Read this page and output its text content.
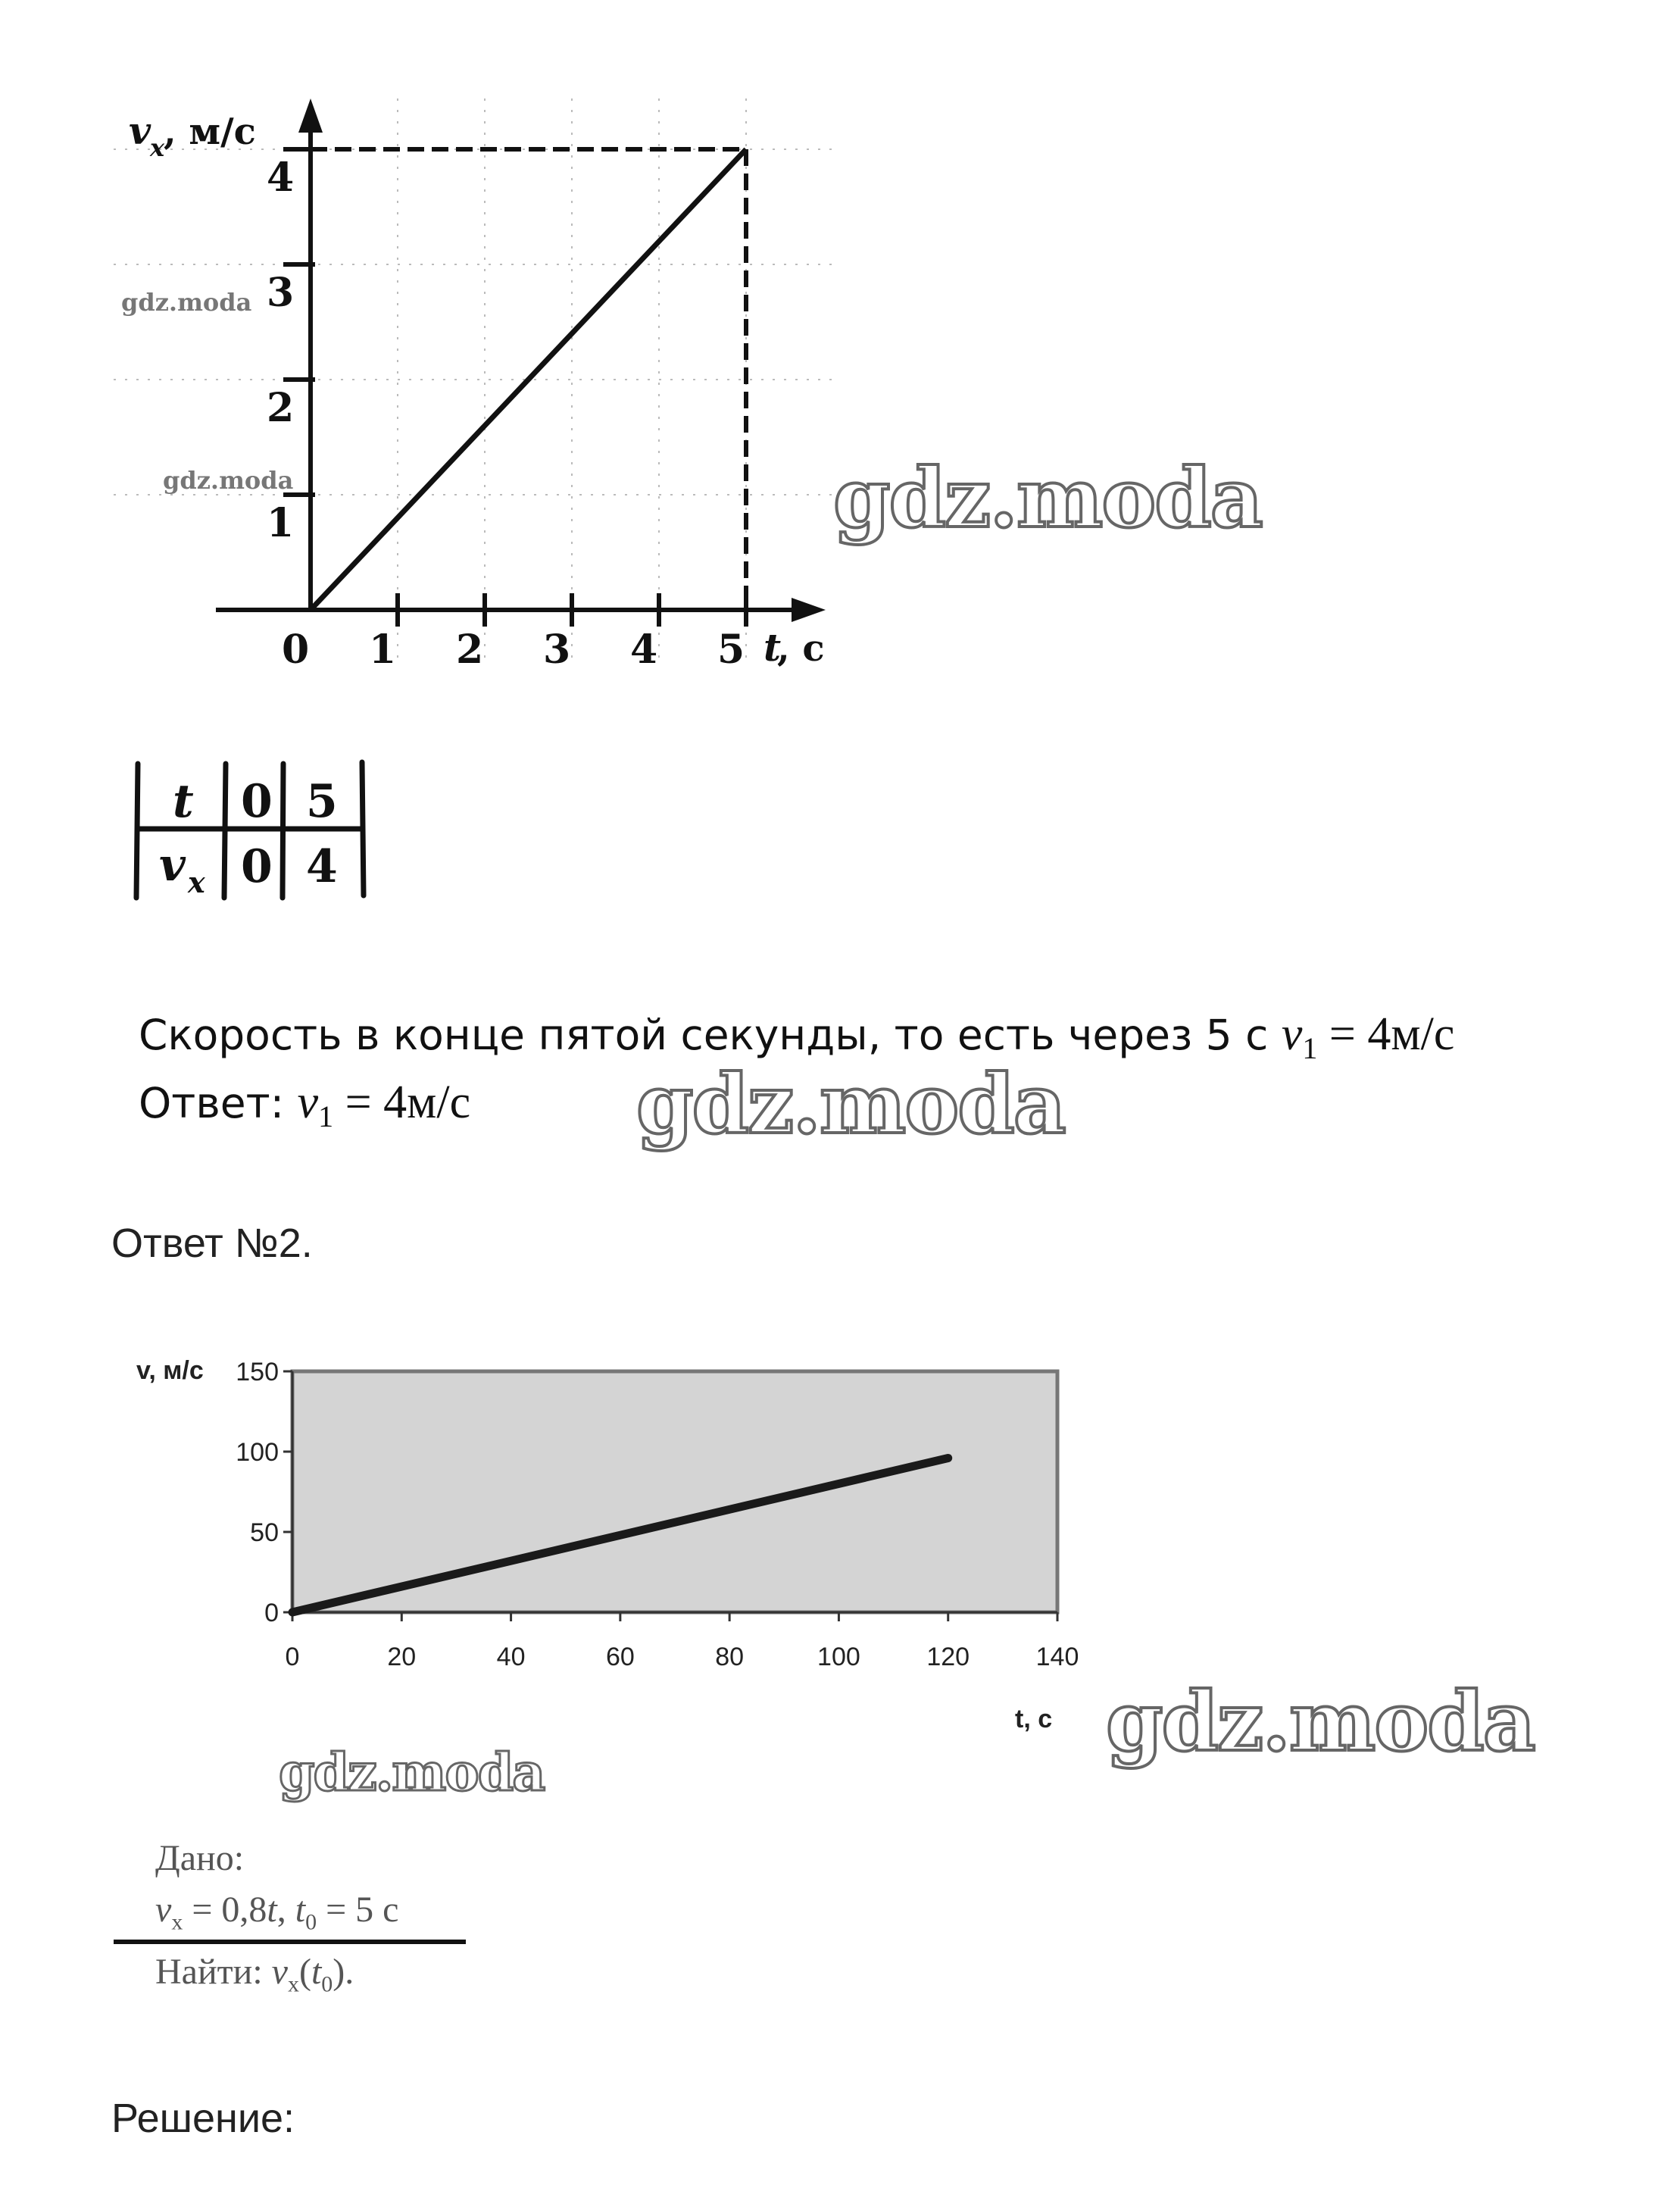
0 1 2 3 4 5
1
2
3
4
v
x
, м/с
t
, с
gdz.moda
gdz.moda	gdz.moda
t 0 5
v x 0 4
Скорость в конце пятой секунды, то есть через 5 с $v_1 = 4м/с$
Ответ: $v_1 = 4м/с$ gdz.moda
Ответ №2.
0	20	40	60	80	100	120	140
0
50
100
150
v, м/с
t, c gdz.moda
gdz.moda
Дано:
$v_x = 0,8t$, $t_0 = 5$ с
Найти: $v_x(t_0)$.
Решение:
